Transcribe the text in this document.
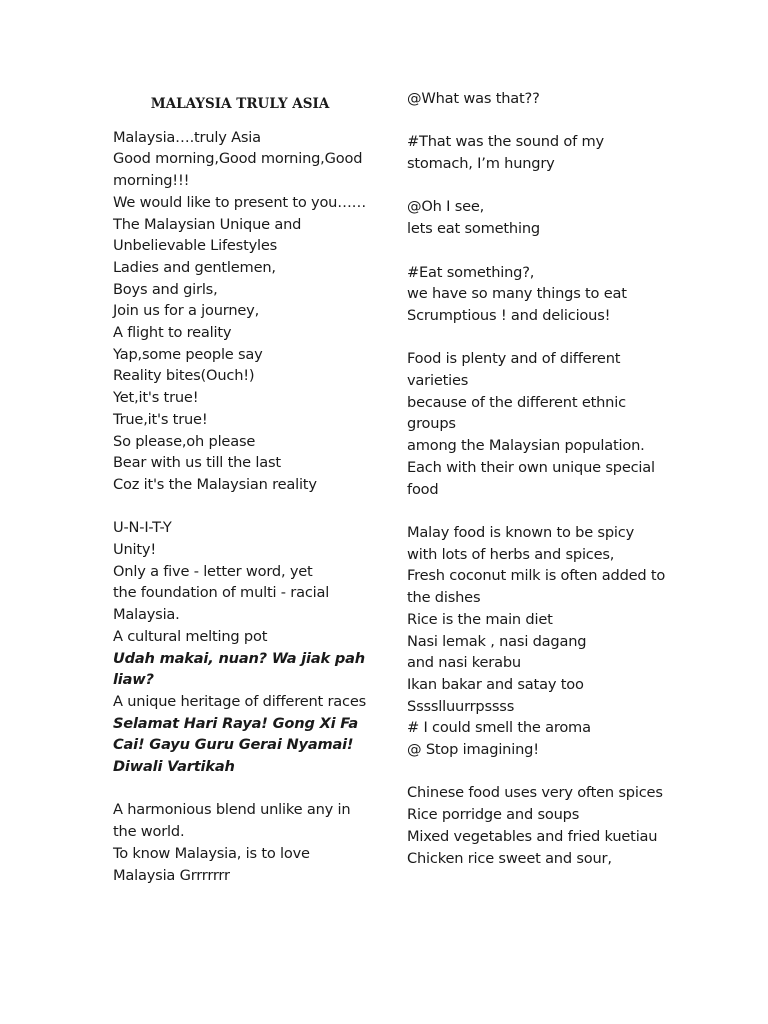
MALAYSIA TRULY ASIA
Malaysia….truly Asia
Good morning,Good morning,Good morning!!!
We would like to present to you……
The Malaysian Unique and Unbelievable Lifestyles
Ladies and gentlemen,
Boys and girls,
Join us for a journey,
A flight to reality
Yap,some people say
Reality bites(Ouch!)
Yet,it's true!
True,it's true!
So please,oh please
Bear with us till the last
Coz it's the Malaysian reality
U-N-I-T-Y
Unity!
Only a five - letter word, yet
the foundation of multi - racial Malaysia.
A cultural melting pot
Udah makai, nuan? Wa jiak pah liaw?
A unique heritage of different races
Selamat Hari Raya! Gong Xi Fa Cai! Gayu Guru Gerai Nyamai! Diwali Vartikah
A harmonious blend unlike any in the world.
To know Malaysia, is to love
Malaysia Grrrrrrr
@What was that??
#That was the sound of my stomach, I’m hungry
@Oh I see,
lets eat something
#Eat something?,
we have so many things to eat
Scrumptious ! and delicious!
Food is plenty and of different varieties
because of the different ethnic groups
among the Malaysian population.
Each with their own unique special food
Malay food is known to be spicy
with lots of herbs and spices,
Fresh coconut milk is often added to the dishes
Rice is the main diet
Nasi lemak , nasi dagang
and nasi kerabu
Ikan bakar and satay too
Sssslluurrpssss
# I could smell the aroma
@ Stop imagining!
Chinese food uses very often spices
Rice porridge and soups
Mixed vegetables and fried kuetiau
Chicken rice sweet and sour,
